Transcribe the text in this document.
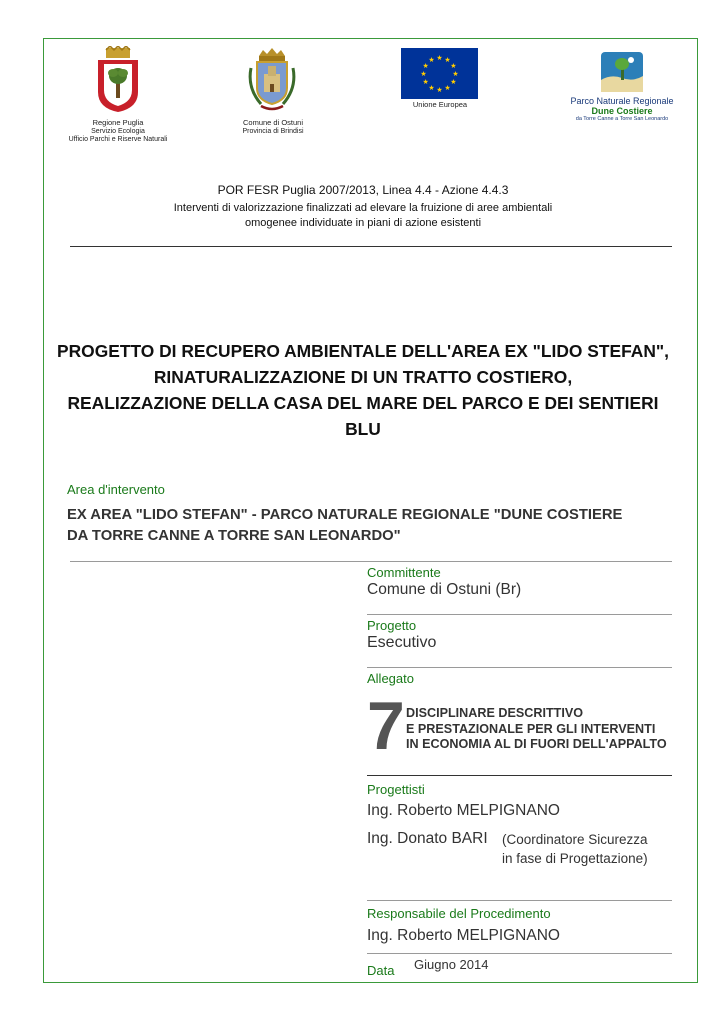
Regione Puglia
Servizio Ecologia
Ufficio Parchi e Riserve Naturali
Comune di Ostuni
Provincia di Brindisi
★
★
★
★
★
★
★
★
★ ★ ★
★
Unione Europea	Parco Naturale Regionale
Dune Costiere
da Torre Canne a Torre San Leonardo
POR FESR Puglia 2007/2013, Linea 4.4 - Azione 4.4.3
Interventi di valorizzazione finalizzati ad elevare la fruizione di aree ambientali
omogenee individuate in piani di azione esistenti
PROGETTO DI RECUPERO AMBIENTALE DELL'AREA EX "LIDO STEFAN",
RINATURALIZZAZIONE DI UN TRATTO COSTIERO,
REALIZZAZIONE DELLA CASA DEL MARE DEL PARCO E DEI SENTIERI BLU
Area d'intervento
EX AREA "LIDO STEFAN" - PARCO NATURALE REGIONALE "DUNE COSTIERE
DA TORRE CANNE A TORRE SAN LEONARDO"
Committente
Comune di Ostuni (Br)
Progetto
Esecutivo
Allegato
7 DISCIPLINARE DESCRITTIVO
E PRESTAZIONALE PER GLI INTERVENTI
IN ECONOMIA AL DI FUORI DELL'APPALTO
Progettisti
Ing. Roberto MELPIGNANO
Ing. Donato BARI (Coordinatore Sicurezza
in fase di Progettazione)
Responsabile del Procedimento
Ing. Roberto MELPIGNANO
Data Giugno 2014
